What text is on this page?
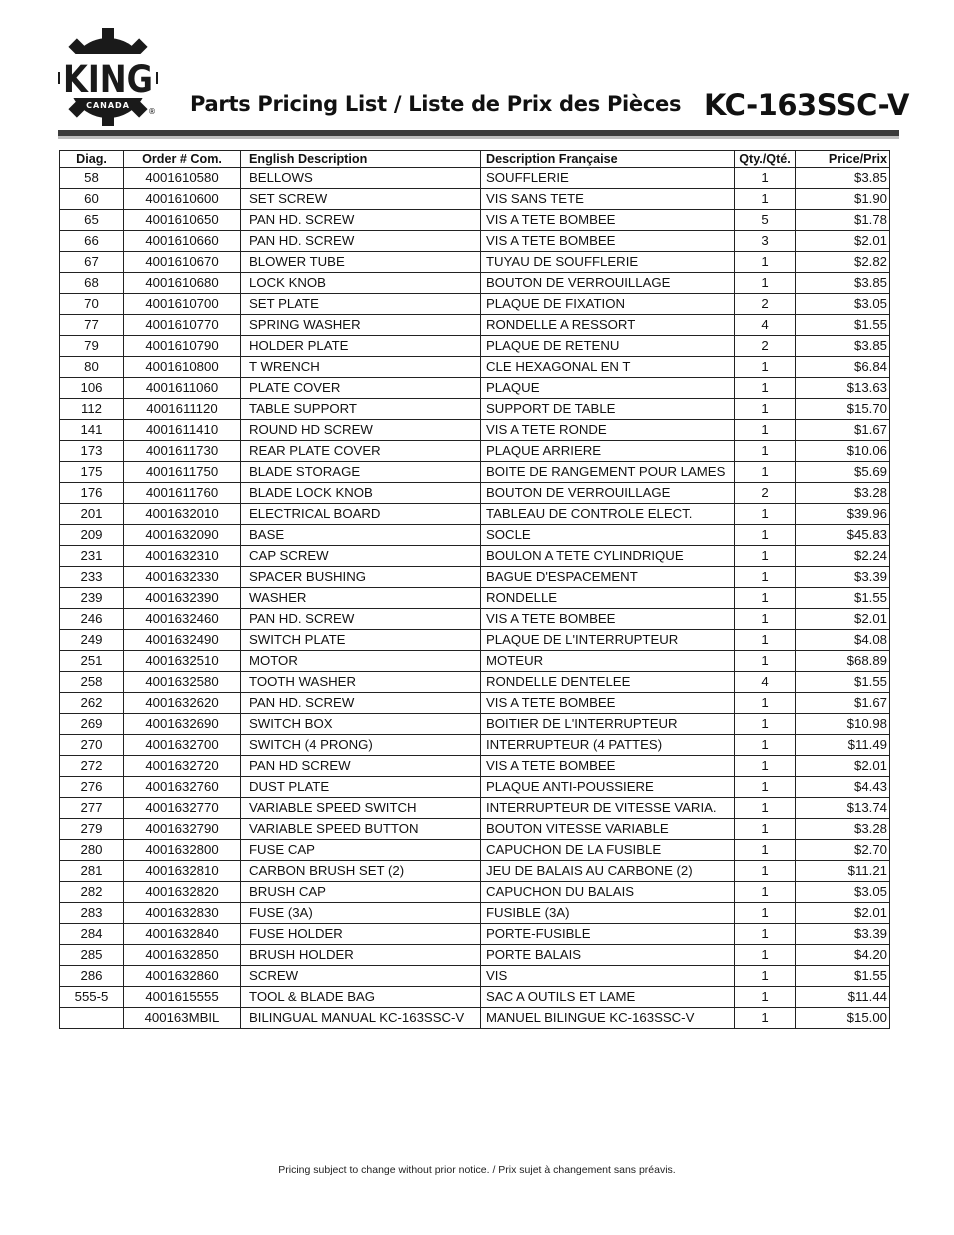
KING
CANADA
® Parts Pricing List / Liste de Prix des Pièces KC-163SSC-V
Diag.	Order # Com.	English Description	Description Française	Qty./Qté.	Price/Prix
58	4001610580	BELLOWS	SOUFFLERIE	1	$3.85
60	4001610600	SET SCREW	VIS SANS TETE	1	$1.90
65	4001610650	PAN HD. SCREW	VIS A TETE BOMBEE	5	$1.78
66	4001610660	PAN HD. SCREW	VIS A TETE BOMBEE	3	$2.01
67	4001610670	BLOWER TUBE	TUYAU DE SOUFFLERIE	1	$2.82
68	4001610680	LOCK KNOB	BOUTON DE VERROUILLAGE	1	$3.85
70	4001610700	SET PLATE	PLAQUE DE FIXATION	2	$3.05
77	4001610770	SPRING WASHER	RONDELLE A RESSORT	4	$1.55
79	4001610790	HOLDER PLATE	PLAQUE DE RETENU	2	$3.85
80	4001610800	T WRENCH	CLE HEXAGONAL EN T	1	$6.84
106	4001611060	PLATE COVER	PLAQUE	1	$13.63
112	4001611120	TABLE SUPPORT	SUPPORT DE TABLE	1	$15.70
141	4001611410	ROUND HD SCREW	VIS A TETE RONDE	1	$1.67
173	4001611730	REAR PLATE COVER	PLAQUE ARRIERE	1	$10.06
175	4001611750	BLADE STORAGE	BOITE DE RANGEMENT POUR LAMES	1	$5.69
176	4001611760	BLADE LOCK KNOB	BOUTON DE VERROUILLAGE	2	$3.28
201	4001632010	ELECTRICAL BOARD	TABLEAU DE CONTROLE ELECT.	1	$39.96
209	4001632090	BASE	SOCLE	1	$45.83
231	4001632310	CAP SCREW	BOULON A TETE CYLINDRIQUE	1	$2.24
233	4001632330	SPACER BUSHING	BAGUE D'ESPACEMENT	1	$3.39
239	4001632390	WASHER	RONDELLE	1	$1.55
246	4001632460	PAN HD. SCREW	VIS A TETE BOMBEE	1	$2.01
249	4001632490	SWITCH PLATE	PLAQUE DE L'INTERRUPTEUR	1	$4.08
251	4001632510	MOTOR	MOTEUR	1	$68.89
258	4001632580	TOOTH WASHER	RONDELLE DENTELEE	4	$1.55
262	4001632620	PAN HD. SCREW	VIS A TETE BOMBEE	1	$1.67
269	4001632690	SWITCH BOX	BOITIER DE L'INTERRUPTEUR	1	$10.98
270	4001632700	SWITCH (4 PRONG)	INTERRUPTEUR (4 PATTES)	1	$11.49
272	4001632720	PAN HD SCREW	VIS A TETE BOMBEE	1	$2.01
276	4001632760	DUST PLATE	PLAQUE ANTI-POUSSIERE	1	$4.43
277	4001632770	VARIABLE SPEED SWITCH	INTERRUPTEUR DE VITESSE VARIA.	1	$13.74
279	4001632790	VARIABLE SPEED BUTTON	BOUTON VITESSE VARIABLE	1	$3.28
280	4001632800	FUSE CAP	CAPUCHON DE LA FUSIBLE	1	$2.70
281	4001632810	CARBON BRUSH SET (2)	JEU DE BALAIS AU CARBONE (2)	1	$11.21
282	4001632820	BRUSH CAP	CAPUCHON DU BALAIS	1	$3.05
283	4001632830	FUSE (3A)	FUSIBLE (3A)	1	$2.01
284	4001632840	FUSE HOLDER	PORTE-FUSIBLE	1	$3.39
285	4001632850	BRUSH HOLDER	PORTE BALAIS	1	$4.20
286	4001632860	SCREW	VIS	1	$1.55
555-5	4001615555	TOOL & BLADE BAG	SAC A OUTILS ET LAME	1	$11.44
	400163MBIL	BILINGUAL MANUAL KC-163SSC-V	MANUEL BILINGUE KC-163SSC-V	1	$15.00
Pricing subject to change without prior notice. / Prix sujet à changement sans préavis.
